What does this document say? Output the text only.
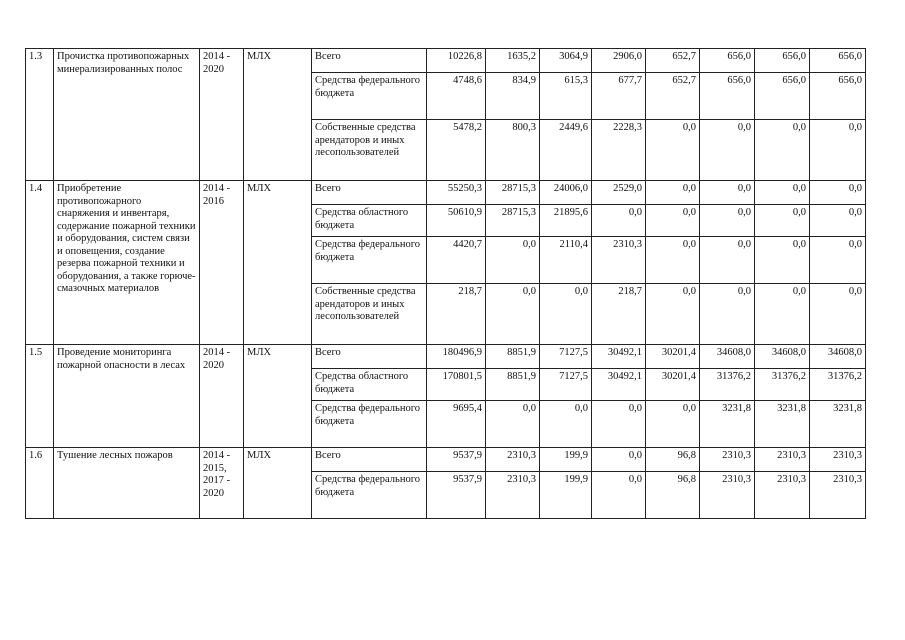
1.3	Прочистка противопожарных минерализированных полос	2014 -
2020	МЛХ	Всего	10226,8	1635,2	3064,9	2906,0	652,7	656,0	656,0	656,0
				Средства федерального бюджета	4748,6	834,9	615,3	677,7	652,7	656,0	656,0	656,0
				Собственные средства арендаторов и иных лесопользователей	5478,2	800,3	2449,6	2228,3	0,0	0,0	0,0	0,0
1.4	Приобретение противопожарного снаряжения и инвентаря, содержание пожарной техники и оборудования, систем связи и оповещения, создание резерва пожарной техники и оборудования, а также горюче-смазочных материалов	2014 -
2016	МЛХ	Всего	55250,3	28715,3	24006,0	2529,0	0,0	0,0	0,0	0,0
				Средства областного бюджета	50610,9	28715,3	21895,6	0,0	0,0	0,0	0,0	0,0
				Средства федерального бюджета	4420,7	0,0	2110,4	2310,3	0,0	0,0	0,0	0,0
				Собственные средства арендаторов и иных лесопользователей	218,7	0,0	0,0	218,7	0,0	0,0	0,0	0,0
1.5	Проведение мониторинга пожарной опасности в лесах	2014 -
2020	МЛХ	Всего	180496,9	8851,9	7127,5	30492,1	30201,4	34608,0	34608,0	34608,0
				Средства областного бюджета	170801,5	8851,9	7127,5	30492,1	30201,4	31376,2	31376,2	31376,2
				Средства федерального бюджета	9695,4	0,0	0,0	0,0	0,0	3231,8	3231,8	3231,8
1.6	Тушение лесных пожаров	2014 -
2015,
2017 -
2020	МЛХ	Всего	9537,9	2310,3	199,9	0,0	96,8	2310,3	2310,3	2310,3
				Средства федерального бюджета	9537,9	2310,3	199,9	0,0	96,8	2310,3	2310,3	2310,3
